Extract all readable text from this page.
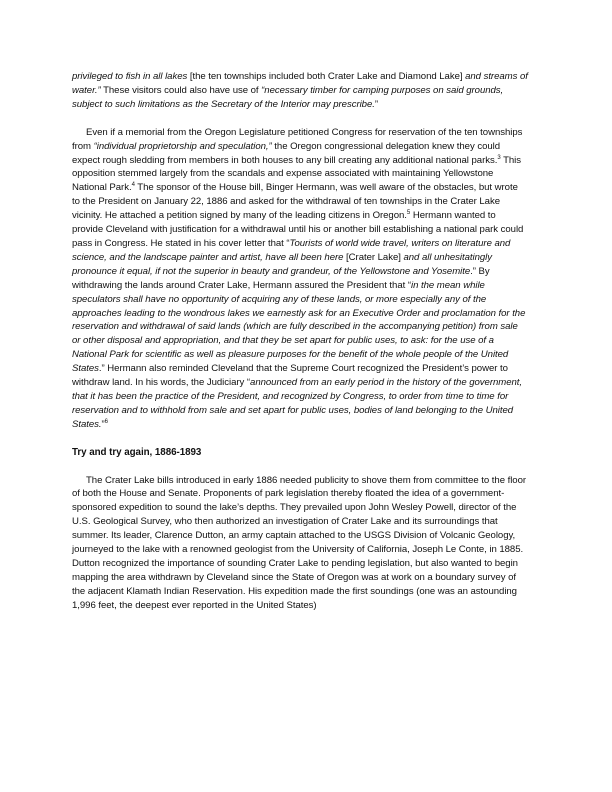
privileged to fish in all lakes [the ten townships included both Crater Lake and Diamond Lake] and streams of water.” These visitors could also have use of “necessary timber for camping purposes on said grounds, subject to such limitations as the Secretary of the Interior may prescribe.”

Even if a memorial from the Oregon Legislature petitioned Congress for reservation of the ten townships from “individual proprietorship and speculation,” the Oregon congressional delegation knew they could expect rough sledding from members in both houses to any bill creating any additional national parks.$^3$ This opposition stemmed largely from the scandals and expense associated with maintaining Yellowstone National Park.$^4$ The sponsor of the House bill, Binger Hermann, was well aware of the obstacles, but wrote to the President on January 22, 1886 and asked for the withdrawal of ten townships in the Crater Lake vicinity. He attached a petition signed by many of the leading citizens in Oregon.$^5$ Hermann wanted to provide Cleveland with justification for a withdrawal until his or another bill establishing a national park could pass in Congress. He stated in his cover letter that “Tourists of world wide travel, writers on literature and science, and the landscape painter and artist, have all been here [Crater Lake] and all unhesitatingly pronounce it equal, if not the superior in beauty and grandeur, of the Yellowstone and Yosemite.” By withdrawing the lands around Crater Lake, Hermann assured the President that “in the mean while speculators shall have no opportunity of acquiring any of these lands, or more especially any of the approaches leading to the wondrous lakes we earnestly ask for an Executive Order and proclamation for the reservation and withdrawal of said lands (which are fully described in the accompanying petition) from sale or other disposal and appropriation, and that they be set apart for public uses, to ask: for the use of a National Park for scientific as well as pleasure purposes for the benefit of the whole people of the United States.” Hermann also reminded Cleveland that the Supreme Court recognized the President’s power to withdraw land. In his words, the Judiciary “announced from an early period in the history of the government, that it has been the practice of the President, and recognized by Congress, to order from time to time for reservation and to withhold from sale and set apart for public uses, bodies of land belonging to the United States.”$^6$

Try and try again, 1886-1893

The Crater Lake bills introduced in early 1886 needed publicity to shove them from committee to the floor of both the House and Senate. Proponents of park legislation thereby floated the idea of a government-sponsored expedition to sound the lake’s depths. They prevailed upon John Wesley Powell, director of the U.S. Geological Survey, who then authorized an investigation of Crater Lake and its surroundings that summer. Its leader, Clarence Dutton, an army captain attached to the USGS Division of Volcanic Geology, journeyed to the lake with a renowned geologist from the University of California, Joseph Le Conte, in 1885. Dutton recognized the importance of sounding Crater Lake to pending legislation, but also wanted to begin mapping the area withdrawn by Cleveland since the State of Oregon was at work on a boundary survey of the adjacent Klamath Indian Reservation. His expedition made the first soundings (one was an astounding 1,996 feet, the deepest ever reported in the United States)
